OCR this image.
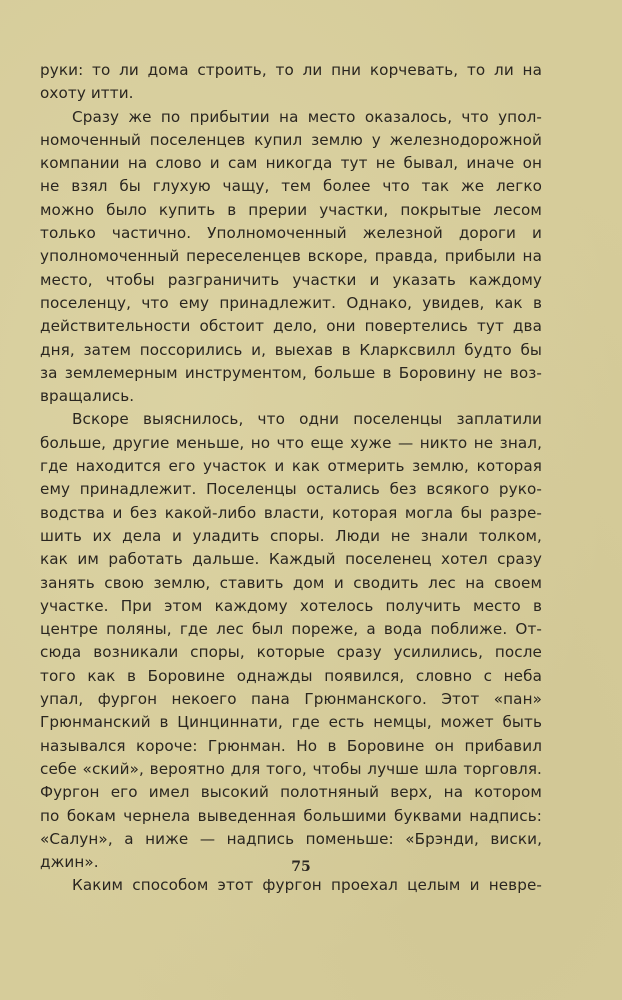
руки: то ли дома строить, то ли пни корчевать, то ли на
охоту итти.
Сразу же по прибытии на место оказалось, что упол-
номоченный поселенцев купил землю у железнодорожной
компании на слово и сам никогда тут не бывал, иначе он
не взял бы глухую чащу, тем более что так же легко
можно было купить в прерии участки, покрытые лесом
только частично. Уполномоченный железной дороги и
уполномоченный переселенцев вскоре, правда, прибыли на
место, чтобы разграничить участки и указать каждому
поселенцу, что ему принадлежит. Однако, увидев, как в
действительности обстоит дело, они повертелись тут два
дня, затем поссорились и, выехав в Кларксвилл будто бы
за землемерным инструментом, больше в Боровину не воз-
вращались.
Вскоре выяснилось, что одни поселенцы заплатили
больше, другие меньше, но что еще хуже — никто не знал,
где находится его участок и как отмерить землю, которая
ему принадлежит. Поселенцы остались без всякого руко-
водства и без какой-либо власти, которая могла бы разре-
шить их дела и уладить споры. Люди не знали толком,
как им работать дальше. Каждый поселенец хотел сразу
занять свою землю, ставить дом и сводить лес на своем
участке. При этом каждому хотелось получить место в
центре поляны, где лес был пореже, а вода поближе. От-
сюда возникали споры, которые сразу усилились, после
того как в Боровине однажды появился, словно с неба
упал, фургон некоего пана Грюнманского. Этот «пан»
Грюнманский в Цинциннати, где есть немцы, может быть
назывался короче: Грюнман. Но в Боровине он прибавил
себе «ский», вероятно для того, чтобы лучше шла торговля.
Фургон его имел высокий полотняный верх, на котором
по бокам чернела выведенная большими буквами надпись:
«Салун», а ниже — надпись поменьше: «Брэнди, виски,
джин».
Каким способом этот фургон проехал целым и невре-
75
